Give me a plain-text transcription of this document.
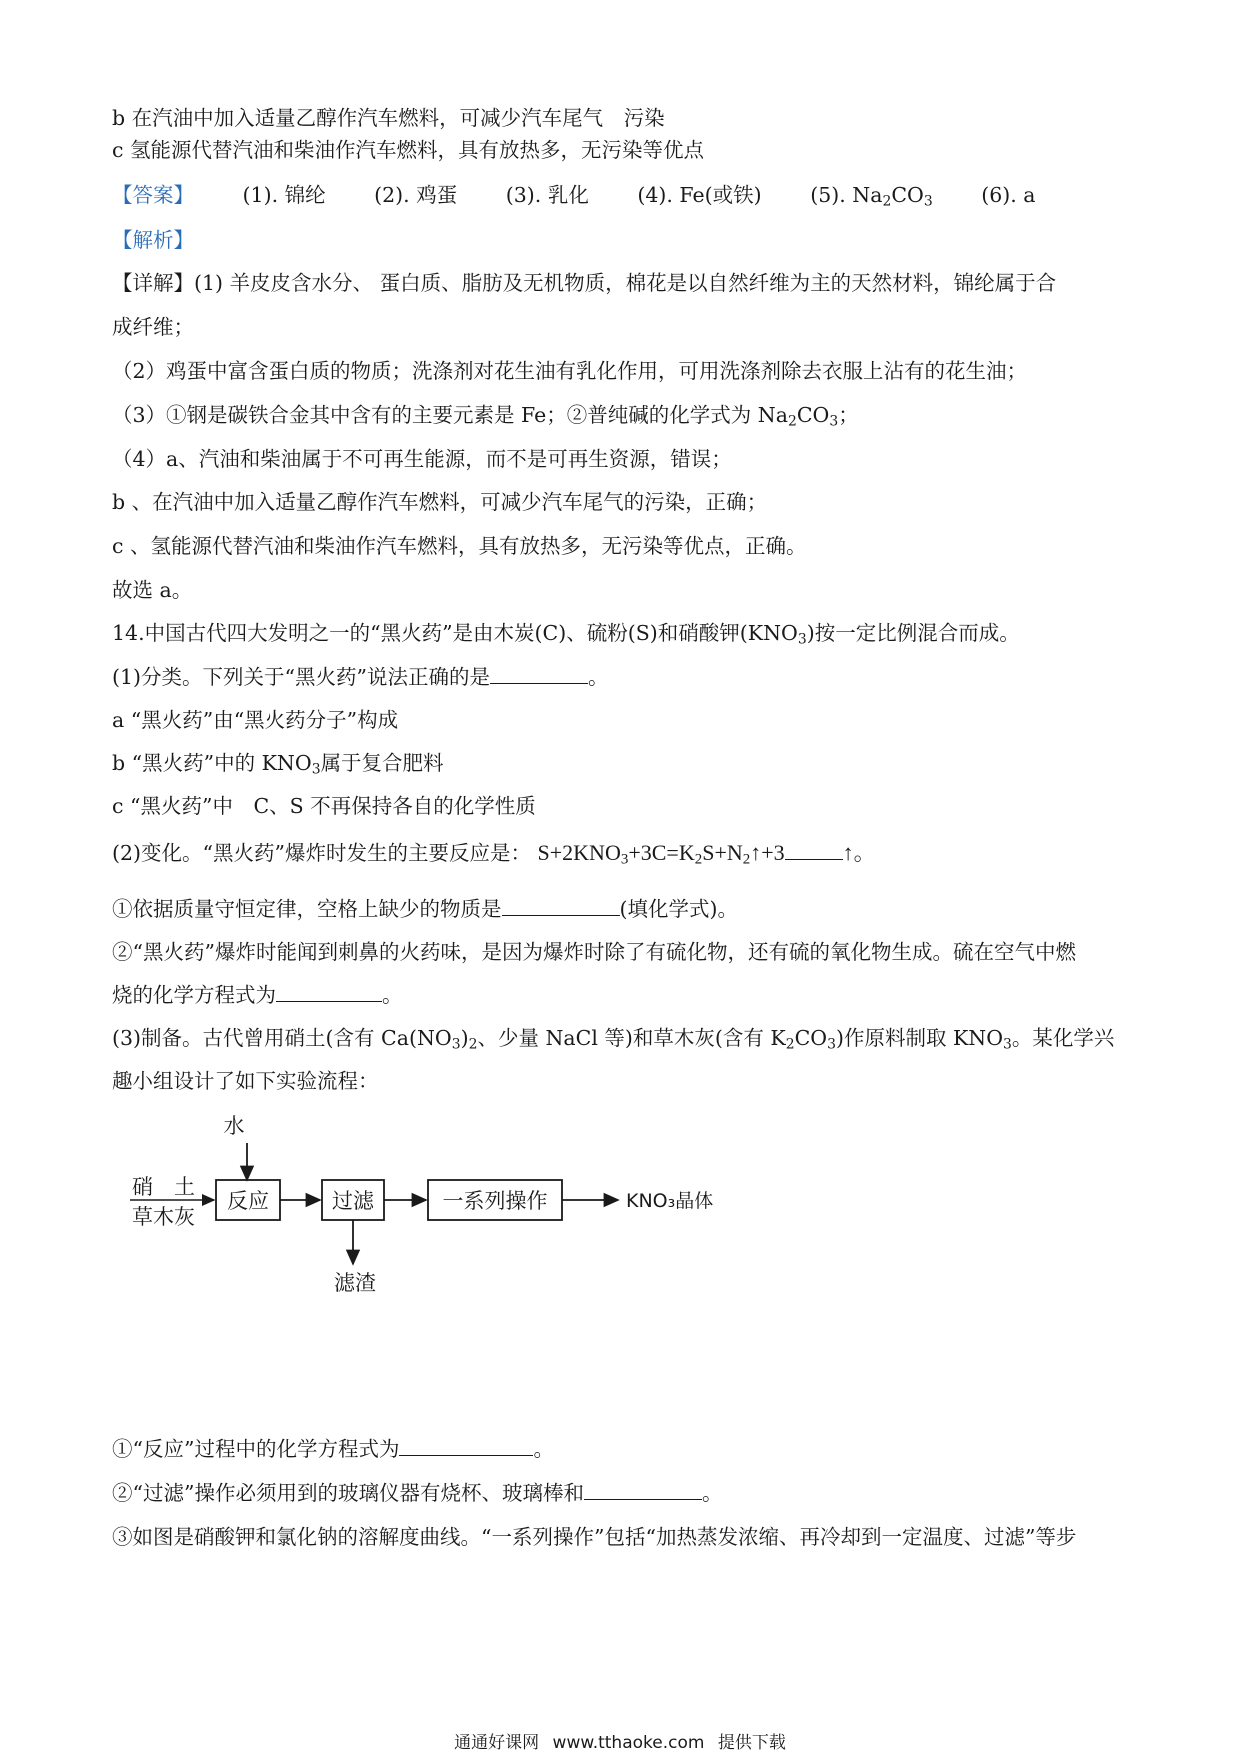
b 在汽油中加入适量乙醇作汽车燃料，可减少汽车尾气　污染
c 氢能源代替汽油和柴油作汽车燃料，具有放热多，无污染等优点
【答案】 (1). 锦纶 (2). 鸡蛋 (3). 乳化 (4). Fe(或铁) (5). $Na_2CO_3$ (6). a
【解析】
【详解】(1) 羊皮皮含水分、 蛋白质、脂肪及无机物质，棉花是以自然纤维为主的天然材料，锦纶属于合
成纤维；
（2）鸡蛋中富含蛋白质的物质；洗涤剂对花生油有乳化作用，可用洗涤剂除去衣服上沾有的花生油；
（3）①钢是碳铁合金其中含有的主要元素是 Fe；②普纯碱的化学式为 $Na_2CO_3$；
（4）a、汽油和柴油属于不可再生能源，而不是可再生资源，错误；
b 、在汽油中加入适量乙醇作汽车燃料，可减少汽车尾气的污染，正确；
c 、氢能源代替汽油和柴油作汽车燃料，具有放热多，无污染等优点，正确。
故选 a。
14.中国古代四大发明之一的“黑火药”是由木炭(C)、硫粉(S)和硝酸钾$(KNO_3)$按一定比例混合而成。
(1)分类。下列关于“黑火药”说法正确的是	。
a “黑火药”由“黑火药分子”构成
b “黑火药”中的 $KNO_3$属于复合肥料
c “黑火药”中　C、S 不再保持各自的化学性质
(2)变化。“黑火药”爆炸时发生的主要反应是： $S+2KNO_3+3C=K_2S+N_2↑+3$	↑。
①依据质量守恒定律，空格上缺少的物质是	(填化学式)。
②“黑火药”爆炸时能闻到刺鼻的火药味，是因为爆炸时除了有硫化物，还有硫的氧化物生成。硫在空气中燃
烧的化学方程式为	。
(3)制备。古代曾用硝土(含有 $Ca(NO_3)_2$、少量 NaCl 等)和草木灰(含有 $K_2CO_3$)作原料制取 $KNO_3$。某化学兴
趣小组设计了如下实验流程：
水
硝　土
草木灰
反应	过滤
滤渣
一系列操作	KNO₃晶体
①“反应”过程中的化学方程式为	。
②“过滤”操作必须用到的玻璃仪器有烧杯、玻璃棒和	。
③如图是硝酸钾和氯化钠的溶解度曲线。“一系列操作”包括“加热蒸发浓缩、再冷却到一定温度、过滤”等步
通通好课网 www.tthaoke.com 提供下载
